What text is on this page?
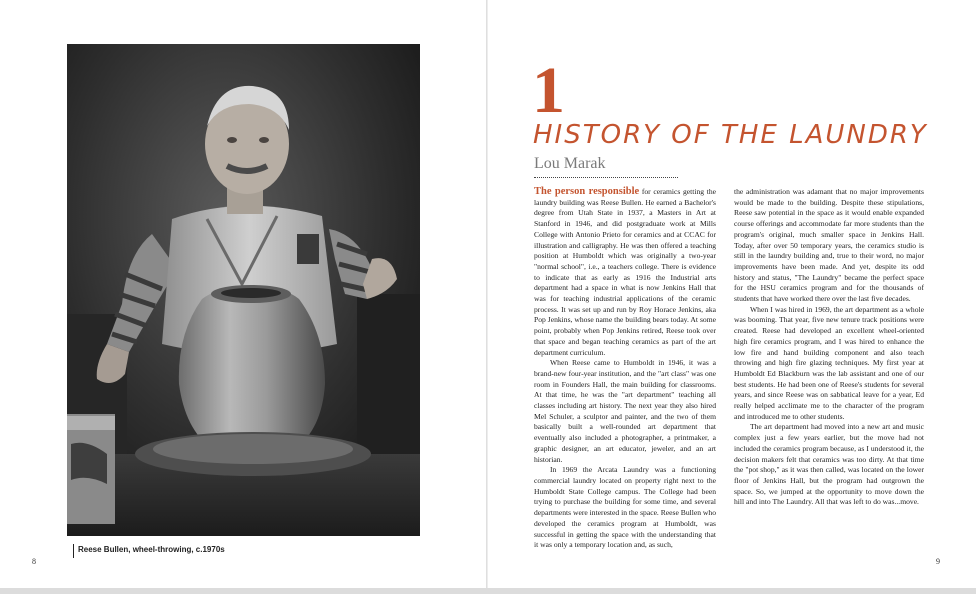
Reese Bullen, wheel-throwing, c.1970s
8
1
HISTORY OF THE LAUNDRY
Lou Marak

The person responsible for ceramics getting the laundry building was Reese Bullen. He earned a Bachelor's degree from Utah State in 1937, a Masters in Art at Stanford in 1946, and did postgraduate work at Mills College with Antonio Prieto for ceramics and at CCAC for illustration and calligraphy. He was then offered a teaching position at Humboldt which was originally a two-year "normal school", i.e., a teachers college. There is evidence to indicate that as early as 1916 the Industrial arts department had a space in what is now Jenkins Hall that was for teaching industrial applications of the ceramic process. It was set up and run by Roy Horace Jenkins, aka Pop Jenkins, whose name the building bears today. At some point, probably when Pop Jenkins retired, Reese took over that space and began teaching ceramics as part of the art department curriculum.

When Reese came to Humboldt in 1946, it was a brand-new four-year institution, and the "art class" was one room in Founders Hall, the main building for classrooms. At that time, he was the "art department" teaching all classes including art history. The next year they also hired Mel Schuler, a sculptor and painter, and the two of them basically built a well-rounded art department that eventually also included a photographer, a printmaker, a graphic designer, an art educator, jeweler, and an art historian.

In 1969 the Arcata Laundry was a functioning commercial laundry located on property right next to the Humboldt State College campus. The College had been trying to purchase the building for some time, and several departments were interested in the space. Reese Bullen who developed the ceramics program at Humboldt, was successful in getting the space with the understanding that it was only a temporary location and, as such,

the administration was adamant that no major improvements would be made to the building. Despite these stipulations, Reese saw potential in the space as it would enable expanded course offerings and accommodate far more students than the program's original, much smaller space in Jenkins Hall. Today, after over 50 temporary years, the ceramics studio is still in the laundry building and, true to their word, no major improvements have been made. And yet, despite its odd history and status, "The Laundry" became the perfect space for the HSU ceramics program and for the thousands of students that have worked there over the last five decades.

When I was hired in 1969, the art department as a whole was booming. That year, five new tenure track positions were created. Reese had developed an excellent wheel-oriented high fire ceramics program, and I was hired to enhance the low fire and hand building component and also teach throwing and high fire glazing techniques. My first year at Humboldt Ed Blackburn was the lab assistant and one of our best students. He had been one of Reese's students for several years, and since Reese was on sabbatical leave for a year, Ed really helped acclimate me to the character of the program and introduced me to other students.

The art department had moved into a new art and music complex just a few years earlier, but the move had not included the ceramics program because, as I understood it, the decision makers felt that ceramics was too dirty. At that time the "pot shop," as it was then called, was located on the lower floor of Jenkins Hall, but the program had outgrown the space. So, we jumped at the opportunity to move down the hill and into The Laundry. All that was left to do was...move.

9
